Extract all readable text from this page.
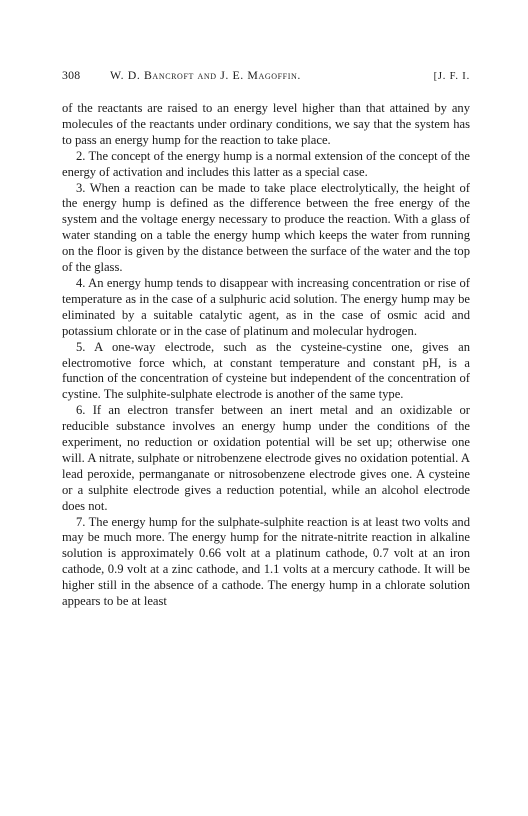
308	W. D. Bancroft and J. E. Magoffin.	[J. F. I.

of the reactants are raised to an energy level higher than that attained by any molecules of the reactants under ordinary conditions, we say that the system has to pass an energy hump for the reaction to take place.

2. The concept of the energy hump is a normal extension of the concept of the energy of activation and includes this latter as a special case.

3. When a reaction can be made to take place electrolytically, the height of the energy hump is defined as the difference between the free energy of the system and the voltage energy necessary to produce the reaction. With a glass of water standing on a table the energy hump which keeps the water from running on the floor is given by the distance between the surface of the water and the top of the glass.

4. An energy hump tends to disappear with increasing concentration or rise of temperature as in the case of a sulphuric acid solution. The energy hump may be eliminated by a suitable catalytic agent, as in the case of osmic acid and potassium chlorate or in the case of platinum and molecular hydrogen.

5. A one-way electrode, such as the cysteine-cystine one, gives an electromotive force which, at constant temperature and constant pH, is a function of the concentration of cysteine but independent of the concentration of cystine. The sulphite-sulphate electrode is another of the same type.

6. If an electron transfer between an inert metal and an oxidizable or reducible substance involves an energy hump under the conditions of the experiment, no reduction or oxidation potential will be set up; otherwise one will. A nitrate, sulphate or nitrobenzene electrode gives no oxidation potential. A lead peroxide, permanganate or nitrosobenzene electrode gives one. A cysteine or a sulphite electrode gives a reduction potential, while an alcohol electrode does not.

7. The energy hump for the sulphate-sulphite reaction is at least two volts and may be much more. The energy hump for the nitrate-nitrite reaction in alkaline solution is approximately 0.66 volt at a platinum cathode, 0.7 volt at an iron cathode, 0.9 volt at a zinc cathode, and 1.1 volts at a mercury cathode. It will be higher still in the absence of a cathode. The energy hump in a chlorate solution appears to be at least
